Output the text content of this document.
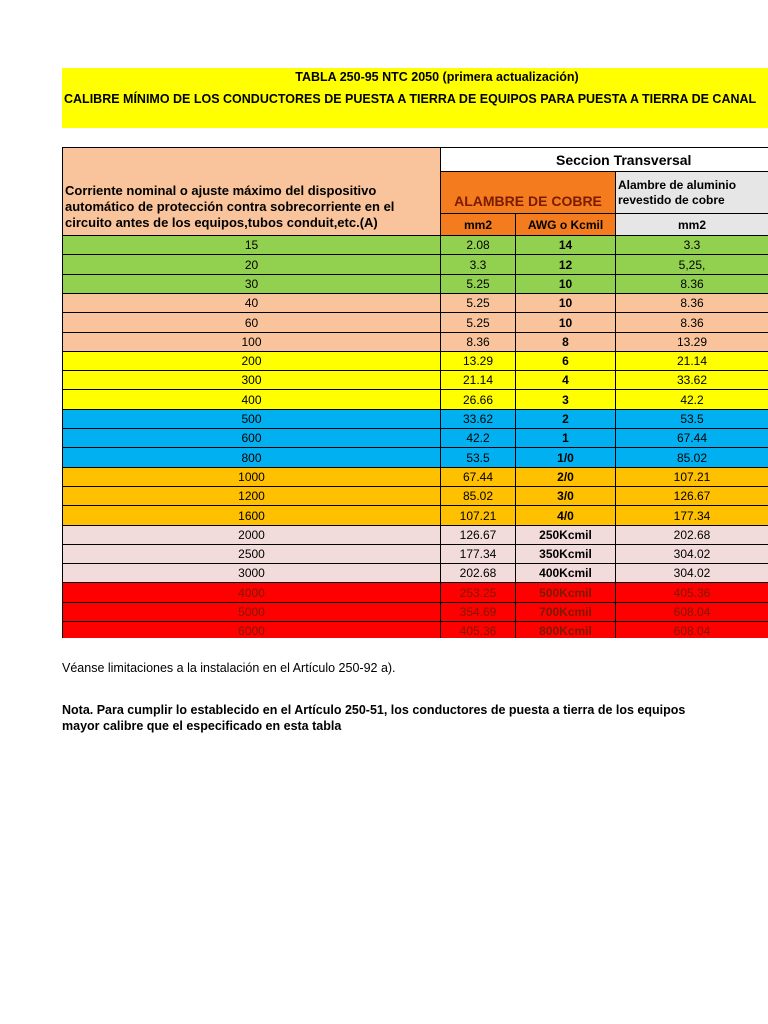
TABLA 250-95 NTC 2050 (primera actualización)
CALIBRE MÍNIMO DE LOS CONDUCTORES DE PUESTA A TIERRA DE EQUIPOS PARA PUESTA A TIERRA DE CANAL
Corriente nominal o ajuste máximo del dispositivo automático de protección contra sobrecorriente en el circuito antes de los equipos,tubos conduit,etc.(A)
Seccion Transversal
ALAMBRE DE COBRE
Alambre de aluminio revestido de cobre
mm2	AWG o Kcmil	mm2
15	2.08	14	3.3
20	3.3	12	5,25,
30	5.25	10	8.36
40	5.25	10	8.36
60	5.25	10	8.36
100	8.36	8	13.29
200	13.29	6	21.14
300	21.14	4	33.62
400	26.66	3	42.2
500	33.62	2	53.5
600	42.2	1	67.44
800	53.5	1/0	85.02
1000	67.44	2/0	107.21
1200	85.02	3/0	126.67
1600	107.21	4/0	177.34
2000	126.67	250Kcmil	202.68
2500	177.34	350Kcmil	304.02
3000	202.68	400Kcmil	304.02
4000	253.25	500Kcmil	405.36
5000	354.69	700Kcmil	608.04
6000	405.36	800Kcmil	608.04
Véanse limitaciones a la instalación en el Artículo 250-92 a).
Nota. Para cumplir lo establecido en el Artículo 250-51, los conductores de puesta a tierra de los equipos
mayor calibre que el especificado en esta tabla
